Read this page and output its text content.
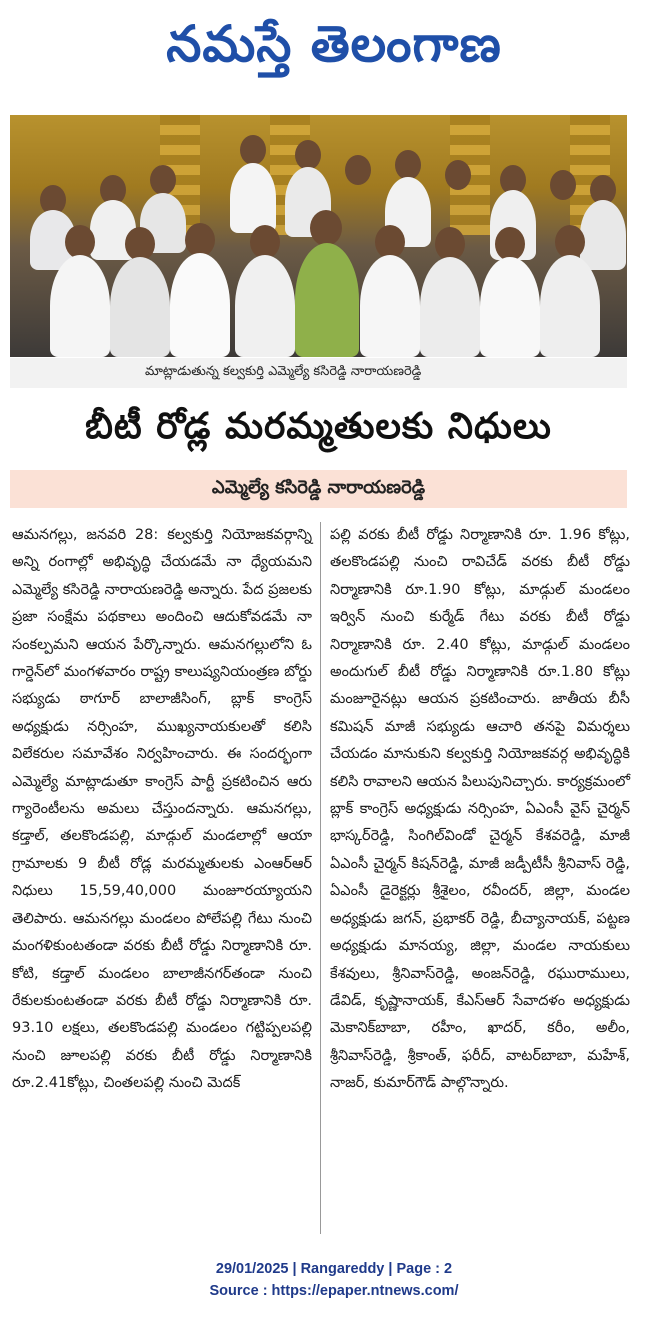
నమస్తే తెలంగాణ
మాట్లాడుతున్న కల్వకుర్తి ఎమ్మెల్యే కసిరెడ్డి నారాయణరెడ్డి
బీటీ రోడ్ల మరమ్మతులకు నిధులు
ఎమ్మెల్యే కసిరెడ్డి నారాయణరెడ్డి
ఆమనగల్లు, జనవరి 28: కల్వకుర్తి నియోజకవర్గాన్ని అన్ని రంగాల్లో అభివృద్ధి చేయడమే నా ధ్యేయమని ఎమ్మెల్యే కసిరెడ్డి నారాయణరెడ్డి అన్నారు. పేద ప్రజలకు ప్రజా సంక్షేమ పథకాలు అందించి ఆదుకోవడమే నా సంకల్పమని ఆయన పేర్కొన్నారు. ఆమనగల్లులోని ఓ గార్డెన్‌లో మంగళవారం రాష్ట్ర కాలుష్యనియంత్రణ బోర్డు సభ్యుడు ఠాగూర్ బాలాజీసింగ్, బ్లాక్ కాంగ్రెస్ అధ్యక్షుడు నర్సింహ, ముఖ్యనాయకులతో కలిసి విలేకరుల సమావేశం నిర్వహించారు. ఈ సందర్భంగా ఎమ్మెల్యే మాట్లాడుతూ కాంగ్రెస్ పార్టీ ప్రకటించిన ఆరు గ్యారెంటీలను అమలు చేస్తుందన్నారు. ఆమనగల్లు, కడ్తాల్, తలకొండపల్లి, మాడ్గుల్ మండలాల్లో ఆయా గ్రామాలకు 9 బీటీ రోడ్ల మరమ్మతులకు ఎంఆర్‌ఆర్ నిధులు 15,59,40,000 మంజూరయ్యాయని తెలిపారు. ఆమనగల్లు మండలం పోలేపల్లి గేటు నుంచి మంగళికుంటతండా వరకు బీటీ రోడ్డు నిర్మాణానికి రూ. కోటి, కడ్తాల్ మండలం బాలాజీనగర్‌తండా నుంచి రేకులకుంటతండా వరకు బీటీ రోడ్డు నిర్మాణానికి రూ. 93.10 లక్షలు, తలకొండపల్లి మండలం గట్టిప్పలపల్లి నుంచి జూలపల్లి వరకు బీటీ రోడ్డు నిర్మాణానికి రూ.2.41కోట్లు, చింతలపల్లి నుంచి మెదక్
పల్లి వరకు బీటీ రోడ్డు నిర్మాణానికి రూ. 1.96 కోట్లు, తలకొండపల్లి నుంచి రావిచేడ్ వరకు బీటీ రోడ్డు నిర్మాణానికి రూ.1.90 కోట్లు, మాడ్గుల్ మండలం ఇర్విన్ నుంచి కుర్మేడ్ గేటు వరకు బీటీ రోడ్డు నిర్మాణానికి రూ. 2.40 కోట్లు, మాడ్గుల్ మండలం అందుగుల్ బీటీ రోడ్డు నిర్మాణానికి రూ.1.80 కోట్లు మంజూరైనట్లు ఆయన ప్రకటించారు. జాతీయ బీసీ కమిషన్ మాజీ సభ్యుడు ఆచారి తనపై విమర్శలు చేయడం మానుకుని కల్వకుర్తి నియోజకవర్గ అభివృద్ధికి కలిసి రావాలని ఆయన పిలుపునిచ్చారు. కార్యక్రమంలో బ్లాక్ కాంగ్రెస్ అధ్యక్షుడు నర్సింహ, ఏఎంసీ వైస్ చైర్మన్ భాస్కర్‌రెడ్డి, సింగిల్‌విండో చైర్మన్ కేశవరెడ్డి, మాజీ ఏఎంసీ చైర్మన్ కిషన్‌రెడ్డి, మాజీ జడ్పీటీసీ శ్రీనివాస్ రెడ్డి, ఏఎంసీ డైరెక్టర్లు శ్రీశైలం, రవీందర్, జిల్లా, మండల అధ్యక్షుడు జగన్, ప్రభాకర్ రెడ్డి, బీచ్యానాయక్, పట్టణ అధ్యక్షుడు మానయ్య, జిల్లా, మండల నాయకులు కేశవులు, శ్రీనివాస్‌రెడ్డి, అంజన్‌రెడ్డి, రఘురాములు, డేవిడ్, కృష్ణానాయక్, కేఎస్‌ఆర్ సేవాదళం అధ్యక్షుడు మెకానిక్‌బాబా, రహీం, ఖాదర్, కరీం, అలీం, శ్రీనివాస్‌రెడ్డి, శ్రీకాంత్, ఫరీద్, వాటర్‌బాబా, మహేశ్, నాజర్, కుమార్‌గౌడ్ పాల్గొన్నారు.
29/01/2025 | Rangareddy | Page : 2
Source : https://epaper.ntnews.com/
